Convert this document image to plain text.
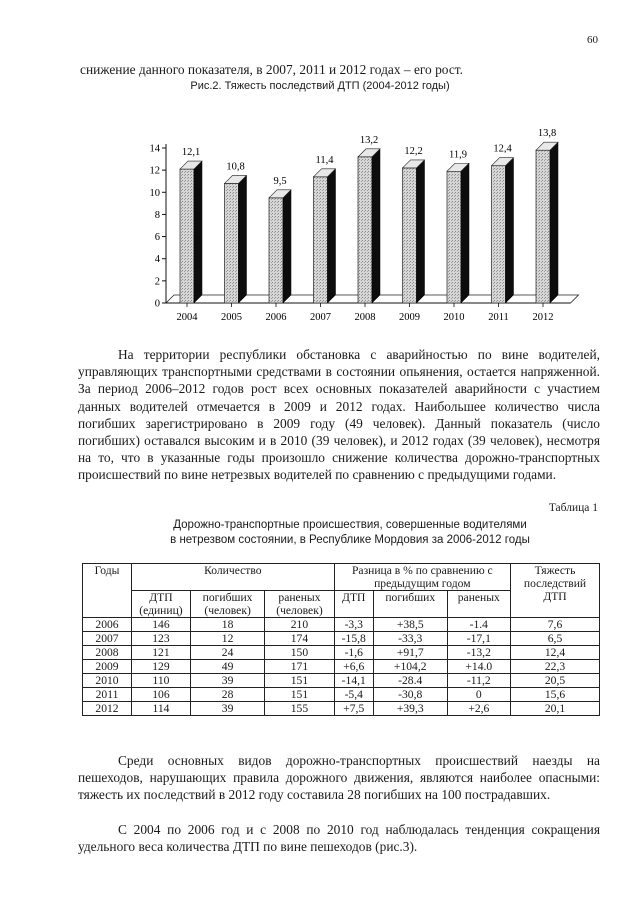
60
снижение данного показателя, в 2007, 2011 и 2012 годах – его рост.
Рис.2. Тяжесть последствий ДТП (2004-2012 годы)
0
2
4
6
8
10
12
14 12,1
2004
10,8
2005
9,5
2006
11,4
2007
13,2
2008
12,2
2009
11,9
2010
12,4
2011
13,8
2012

На территории республики обстановка с аварийностью по вине водителей, управляющих транспортными средствами в состоянии опьянения, остается напряженной. За период 2006–2012 годов рост всех основных показателей аварийности с участием данных водителей отмечается в 2009 и 2012 годах. Наибольшее количество числа погибших зарегистрировано в 2009 году (49 человек). Данный показатель (число погибших) оставался высоким и в 2010 (39 человек), и 2012 годах (39 человек), несмотря на то, что в указанные годы произошло снижение количества дорожно-транспортных происшествий по вине нетрезвых водителей по сравнению с предыдущими годами.

Таблица 1
Дорожно-транспортные происшествия, совершенные водителями
в нетрезвом состоянии, в Республике Мордовия за 2006-2012 годы
Годы	Количество			Разница в % по сравнению с предыдущим годом			Тяжесть последствий ДТП
	ДТП (единиц)	погибших (человек)	раненых (человек)	ДТП	погибших	раненых	
2006	146	18	210	-3,3	+38,5	-1.4	7,6
2007	123	12	174	-15,8	-33,3	-17,1	6,5
2008	121	24	150	-1,6	+91,7	-13,2	12,4
2009	129	49	171	+6,6	+104,2	+14.0	22,3
2010	110	39	151	-14,1	-28.4	-11,2	20,5
2011	106	28	151	-5,4	-30,8	0	15,6
2012	114	39	155	+7,5	+39,3	+2,6	20,1

Среди основных видов дорожно-транспортных происшествий наезды на пешеходов, нарушающих правила дорожного движения, являются наиболее опасными: тяжесть их последствий в 2012 году составила 28 погибших на 100 пострадавших.

С 2004 по 2006 год и с 2008 по 2010 год наблюдалась тенденция сокращения удельного веса количества ДТП по вине пешеходов (рис.3).
